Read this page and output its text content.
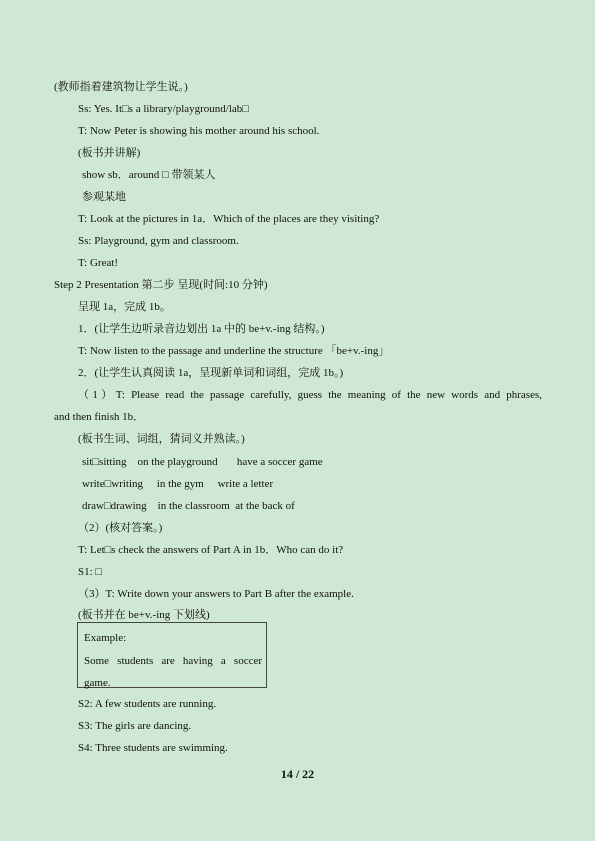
(教师指着建筑物让学生说。)
Ss: Yes. It□s a library/playground/lab□
T: Now Peter is showing his mother around his school.
(板书并讲解)
show sb．around □ 带领某人
参观某地
T: Look at the pictures in 1a．Which of the places are they visiting?
Ss: Playground, gym and classroom.
T: Great!
Step 2 Presentation 第二步 呈现(时间:10 分钟)
呈现 1a，完成 1b。
1．(让学生边听录音边划出 1a 中的 be+v.-ing 结构。)
T: Now listen to the passage and underline the structure 「be+v.-ing」
2．(让学生认真阅读 1a，呈现新单词和词组，完成 1b。)
（1）T: Please read the passage carefully, guess the meaning of the new words and phrases,
and then finish 1b．
(板书生词、词组，猜词义并熟读。)
sit□sitting    on the playground       have a soccer game
write□writing     in the gym     write a letter
draw□drawing    in the classroom  at the back of
（2）(核对答案。)
T: Let□s check the answers of Part A in 1b．Who can do it?
S1: □
（3）T: Write down your answers to Part B after the example.
(板书并在 be+v.-ing 下划线)
Example:
Some students are having a soccer
game.
S2: A few students are running.
S3: The girls are dancing.
S4: Three students are swimming.
14 / 22
